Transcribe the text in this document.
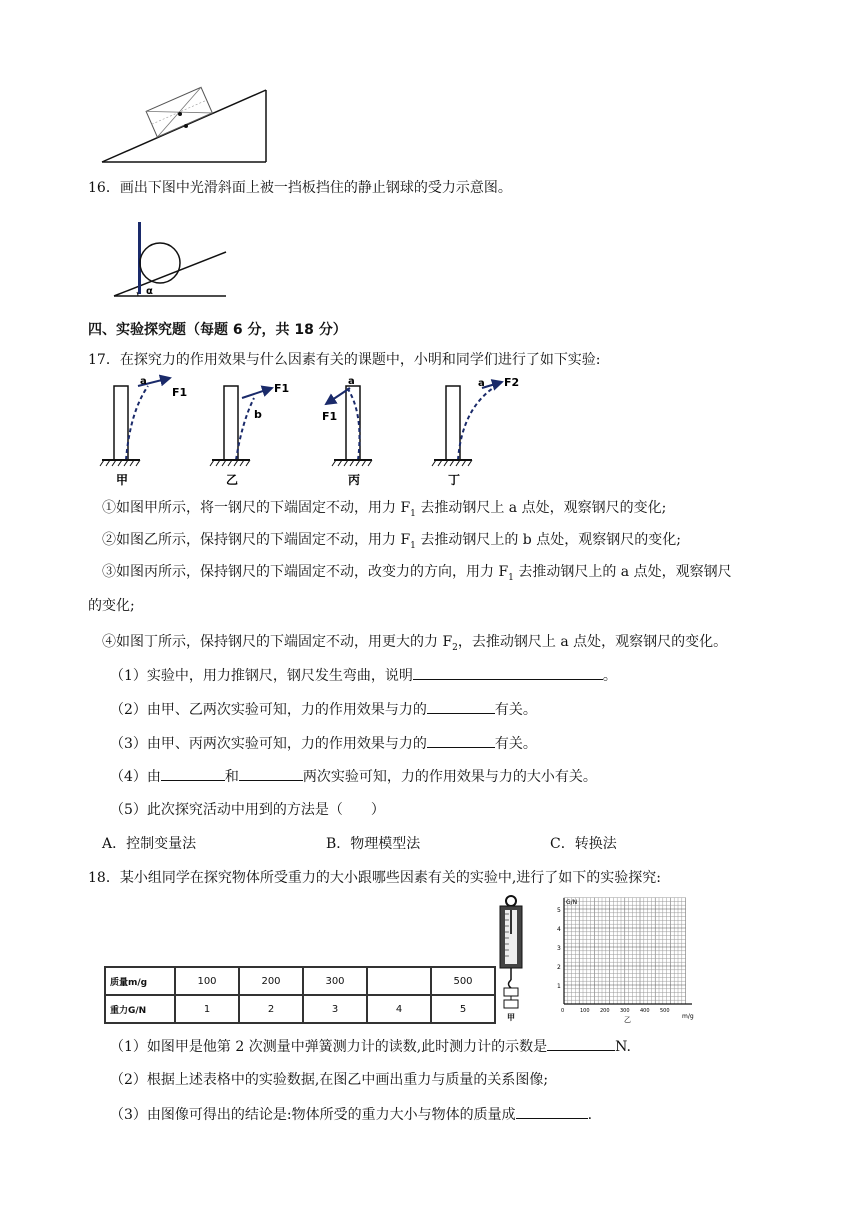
16．画出下图中光滑斜面上被一挡板挡住的静止钢球的受力示意图。
α
四、实验探究题（每题 6 分，共 18 分）
17．在探究力的作用效果与什么因素有关的课题中，小明和同学们进行了如下实验:
a
F1
甲
b
F1
乙
a
F1
丙
a F2
丁
①如图甲所示，将一钢尺的下端固定不动，用力 $F_1$ 去推动钢尺上 a 点处，观察钢尺的变化;
②如图乙所示，保持钢尺的下端固定不动，用力 $F_1$ 去推动钢尺上的 b 点处，观察钢尺的变化;
③如图丙所示，保持钢尺的下端固定不动，改变力的方向，用力 $F_1$ 去推动钢尺上的 a 点处，观察钢尺
的变化;
④如图丁所示，保持钢尺的下端固定不动，用更大的力 $F_2$，去推动钢尺上 a 点处，观察钢尺的变化。
（1）实验中，用力推钢尺，钢尺发生弯曲，说明	。
（2）由甲、乙两次实验可知，力的作用效果与力的	有关。
（3）由甲、丙两次实验可知，力的作用效果与力的	有关。
（4）由	和	两次实验可知，力的作用效果与力的大小有关。
（5）此次探究活动中用到的方法是（　　）
A．控制变量法	B．物理模型法	C．转换法
18．某小组同学在探究物体所受重力的大小跟哪些因素有关的实验中,进行了如下的实验探究:
质量m/g	100	200	300		500
重力G/N	1	2	3	4	5
甲
G/N
m/g
1
2
3
4
5
0	100 200 300 400 500
乙
（1）如图甲是他第 2 次测量中弹簧测力计的读数,此时测力计的示数是	N.
（2）根据上述表格中的实验数据,在图乙中画出重力与质量的关系图像;
（3）由图像可得出的结论是:物体所受的重力大小与物体的质量成	.
